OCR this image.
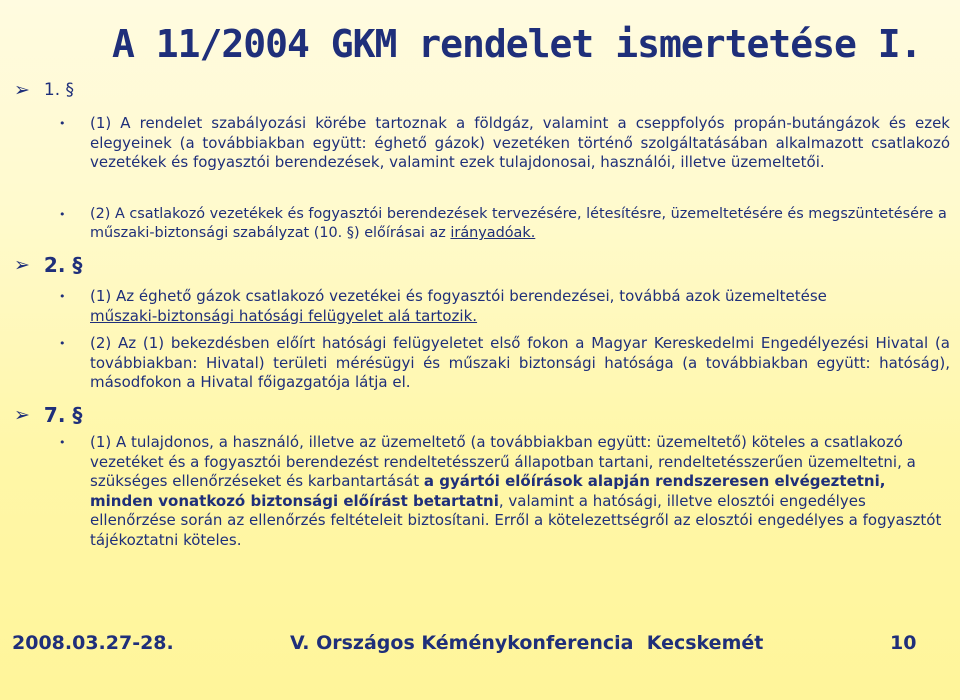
A 11/2004 GKM rendelet ismertetése I.
➢ 1. §
• (1) A rendelet szabályozási körébe tartoznak a földgáz, valamint a cseppfolyós propán-butángázok és ezek elegyeinek (a továbbiakban együtt: éghető gázok) vezetéken történő szolgáltatásában alkalmazott csatlakozó vezetékek és fogyasztói berendezések, valamint ezek tulajdonosai, használói, illetve üzemeltetői.
• (2) A csatlakozó vezetékek és fogyasztói berendezések tervezésére, létesítésre, üzemeltetésére és megszüntetésére a műszaki-biztonsági szabályzat (10. §) előírásai az irányadóak.
➢ 2. §
• (1) Az éghető gázok csatlakozó vezetékei és fogyasztói berendezései, továbbá azok üzemeltetése
műszaki-biztonsági hatósági felügyelet alá tartozik.
• (2) Az (1) bekezdésben előírt hatósági felügyeletet első fokon a Magyar Kereskedelmi Engedélyezési Hivatal (a továbbiakban: Hivatal) területi mérésügyi és műszaki biztonsági hatósága (a továbbiakban együtt: hatóság), másodfokon a Hivatal főigazgatója látja el.
➢ 7. §
• (1) A tulajdonos, a használó, illetve az üzemeltető (a továbbiakban együtt: üzemeltető) köteles a csatlakozó vezetéket és a fogyasztói berendezést rendeltetésszerű állapotban tartani, rendeltetésszerűen üzemeltetni, a szükséges ellenőrzéseket és karbantartását a gyártói előírások alapján rendszeresen elvégeztetni, minden vonatkozó biztonsági előírást betartatni, valamint a hatósági, illetve elosztói engedélyes ellenőrzése során az ellenőrzés feltételeit biztosítani. Erről a kötelezettségről az elosztói engedélyes a fogyasztót tájékoztatni köteles.
2008.03.27-28.	V. Országos Kéménykonferencia  Kecskemét	10
